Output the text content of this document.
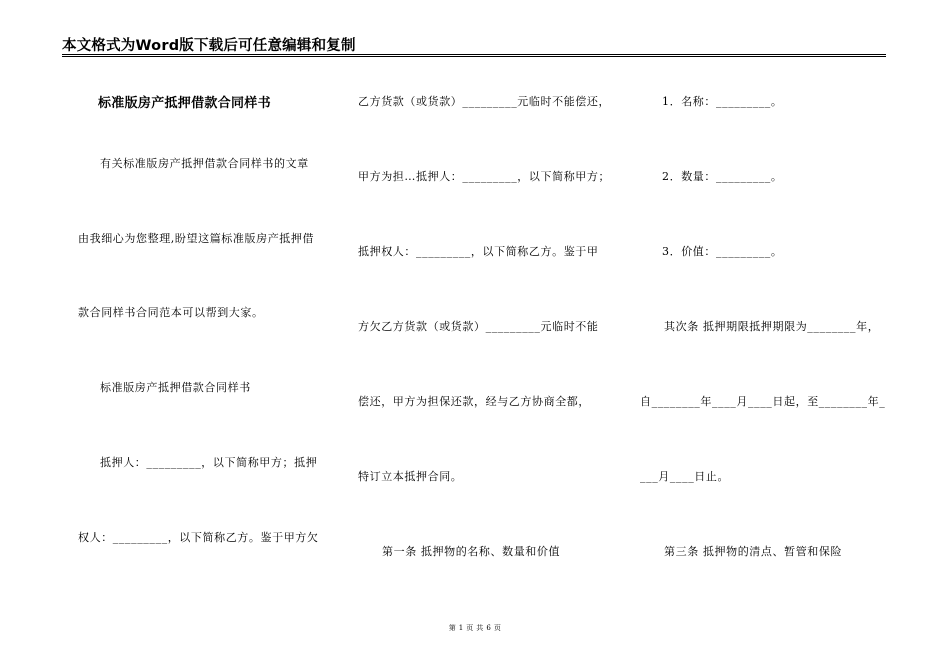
本文格式为Word版下载后可任意编辑和复制
标准版房产抵押借款合同样书
有关标准版房产抵押借款合同样书的文章
由我细心为您整理,盼望这篇标准版房产抵押借
款合同样书合同范本可以帮到大家。
标准版房产抵押借款合同样书
抵押人：_________，以下简称甲方；抵押
权人：_________，以下简称乙方。鉴于甲方欠
乙方货款（或货款）_________元临时不能偿还，
甲方为担…抵押人：_________，以下简称甲方；
抵押权人：_________，以下简称乙方。鉴于甲
方欠乙方货款（或货款）_________元临时不能
偿还，甲方为担保还款，经与乙方协商全都，
特订立本抵押合同。
第一条 抵押物的名称、数量和价值
1．名称：_________。
2．数量：_________。
3．价值：_________。
其次条 抵押期限抵押期限为________年，
自________年____月____日起，至________年_
___月____日止。
第三条 抵押物的清点、暂管和保险
第 1 页 共 6 页
